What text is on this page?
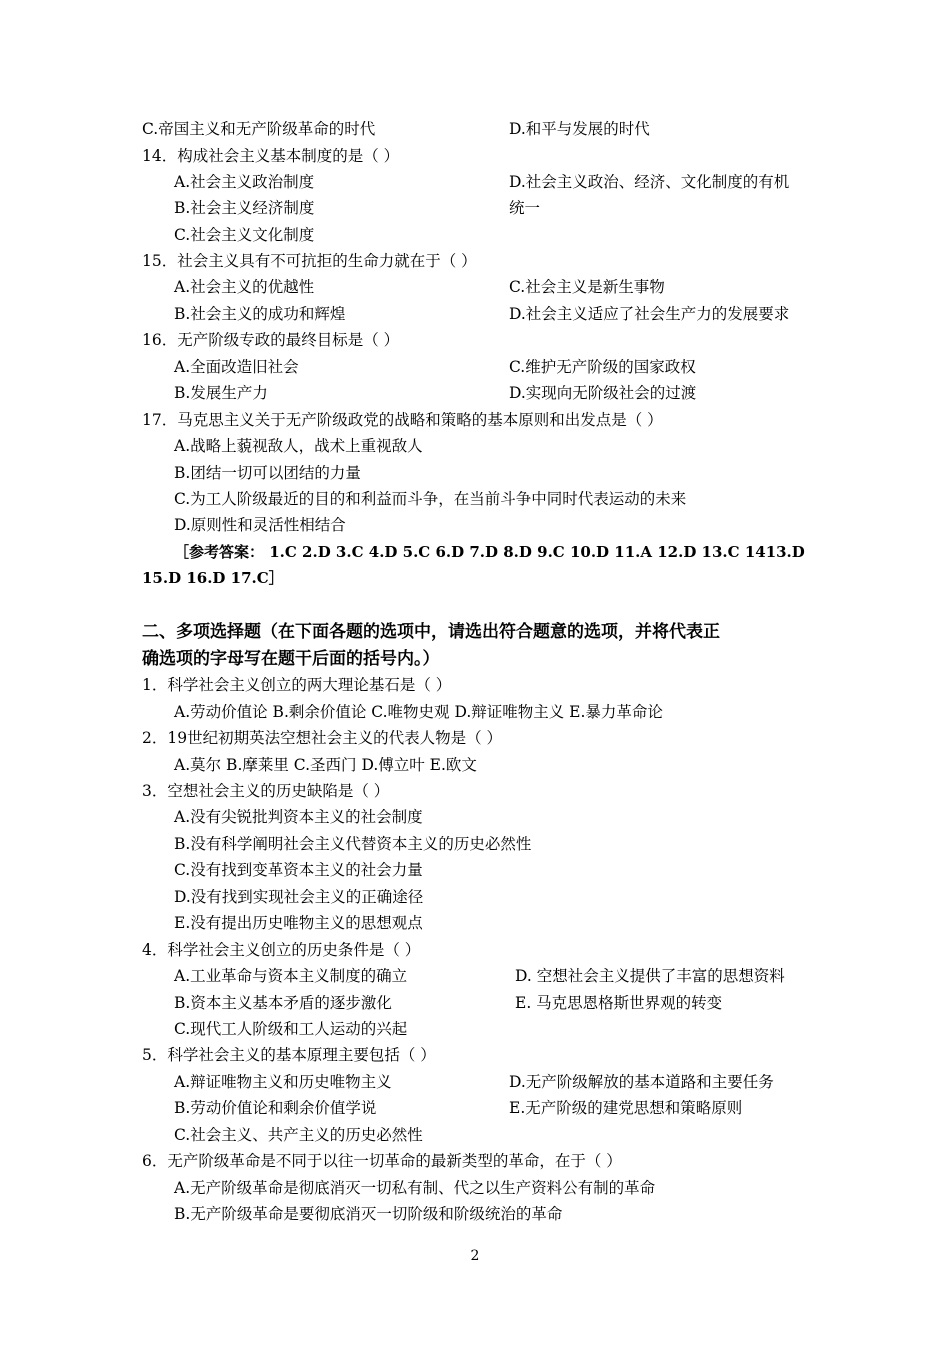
C.帝国主义和无产阶级革命的时代	D.和平与发展的时代
14．构成社会主义基本制度的是（ ）
A.社会主义政治制度	D.社会主义政治、经济、文化制度的有机
B.社会主义经济制度	统一
C.社会主义文化制度
15．社会主义具有不可抗拒的生命力就在于（ ）
A.社会主义的优越性	C.社会主义是新生事物
B.社会主义的成功和辉煌	D.社会主义适应了社会生产力的发展要求
16．无产阶级专政的最终目标是（ ）
A.全面改造旧社会	C.维护无产阶级的国家政权
B.发展生产力	D.实现向无阶级社会的过渡
17．马克思主义关于无产阶级政党的战略和策略的基本原则和出发点是（ ）
A.战略上藐视敌人，战术上重视敌人
B.团结一切可以团结的力量
C.为工人阶级最近的目的和利益而斗争，在当前斗争中同时代表运动的未来
D.原则性和灵活性相结合
［参考答案： 1.C 2.D 3.C 4.D 5.C 6.D 7.D 8.D 9.C 10.D 11.A 12.D 13.C 1413.D
15.D 16.D 17.C］
二、多项选择题（在下面各题的选项中，请选出符合题意的选项，并将代表正
确选项的字母写在题干后面的括号内。）
1．科学社会主义创立的两大理论基石是（ ）
A.劳动价值论 B.剩余价值论 C.唯物史观 D.辩证唯物主义 E.暴力革命论
2．19世纪初期英法空想社会主义的代表人物是（ ）
A.莫尔 B.摩莱里 C.圣西门 D.傅立叶 E.欧文
3．空想社会主义的历史缺陷是（ ）
A.没有尖锐批判资本主义的社会制度
B.没有科学阐明社会主义代替资本主义的历史必然性
C.没有找到变革资本主义的社会力量
D.没有找到实现社会主义的正确途径
E.没有提出历史唯物主义的思想观点
4．科学社会主义创立的历史条件是（ ）
A.工业革命与资本主义制度的确立	D. 空想社会主义提供了丰富的思想资料
B.资本主义基本矛盾的逐步激化	E. 马克思恩格斯世界观的转变
C.现代工人阶级和工人运动的兴起
5．科学社会主义的基本原理主要包括（ ）
A.辩证唯物主义和历史唯物主义	D.无产阶级解放的基本道路和主要任务
B.劳动价值论和剩余价值学说	E.无产阶级的建党思想和策略原则
C.社会主义、共产主义的历史必然性
6．无产阶级革命是不同于以往一切革命的最新类型的革命，在于（ ）
A.无产阶级革命是彻底消灭一切私有制、代之以生产资料公有制的革命
B.无产阶级革命是要彻底消灭一切阶级和阶级统治的革命
2
